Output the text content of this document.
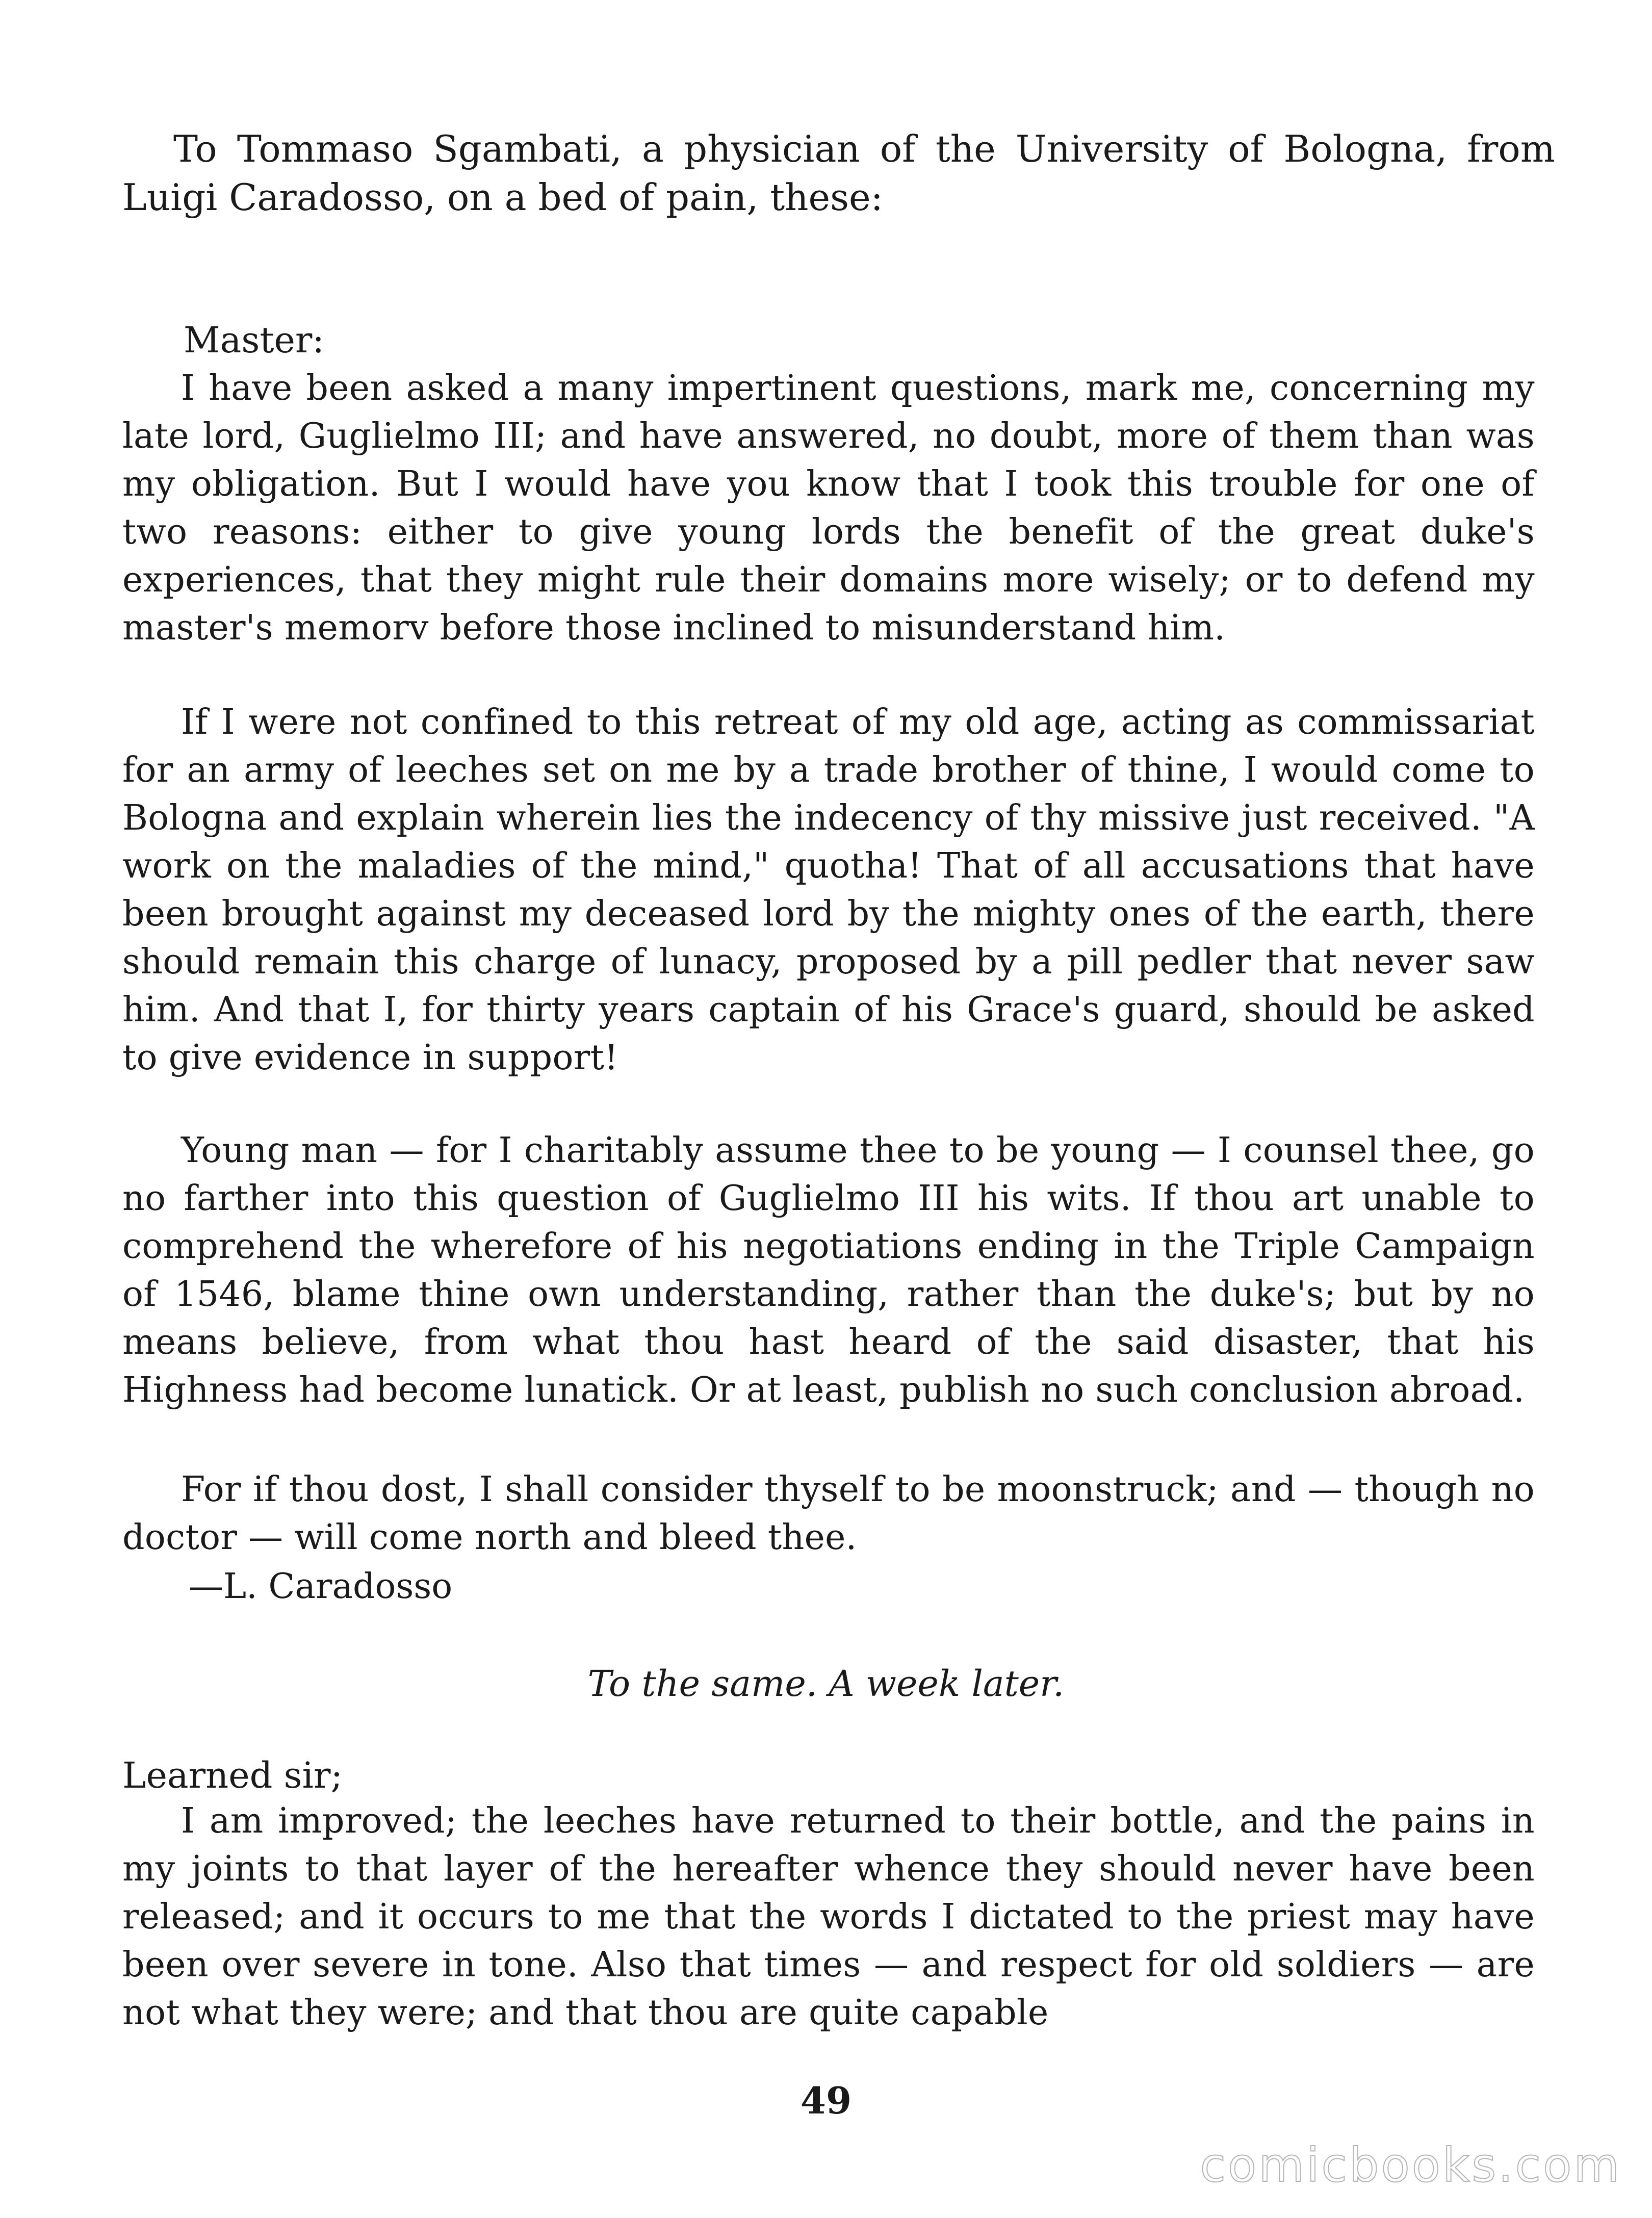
To Tommaso Sgambati, a physician of the University of Bologna, from Luigi Caradosso, on a bed of pain, these:

Master:

I have been asked a many impertinent questions, mark me, concerning my late lord, Guglielmo III; and have answered, no doubt, more of them than was my obligation. But I would have you know that I took this trouble for one of two reasons: either to give young lords the benefit of the great duke's experiences, that they might rule their domains more wisely; or to defend my master's memorv before those inclined to misunderstand him.

If I were not confined to this retreat of my old age, acting as commissariat for an army of leeches set on me by a trade brother of thine, I would come to Bologna and explain wherein lies the indecency of thy missive just received. "A work on the maladies of the mind," quotha! That of all accusations that have been brought against my deceased lord by the mighty ones of the earth, there should remain this charge of lunacy, proposed by a pill pedler that never saw him. And that I, for thirty years captain of his Grace's guard, should be asked to give evidence in support!

Young man — for I charitably assume thee to be young — I counsel thee, go no farther into this question of Guglielmo III his wits. If thou art unable to comprehend the wherefore of his negotiations ending in the Triple Campaign of 1546, blame thine own understanding, rather than the duke's; but by no means believe, from what thou hast heard of the said disaster, that his Highness had become lunatick. Or at least, publish no such conclusion abroad.

For if thou dost, I shall consider thyself to be moonstruck; and — though no doctor — will come north and bleed thee.

—L. Caradosso

To the same. A week later.

Learned sir;

I am improved; the leeches have returned to their bottle, and the pains in my joints to that layer of the hereafter whence they should never have been released; and it occurs to me that the words I dictated to the priest may have been over severe in tone. Also that times — and respect for old soldiers — are not what they were; and that thou are quite capable

49

comicbooks.com
